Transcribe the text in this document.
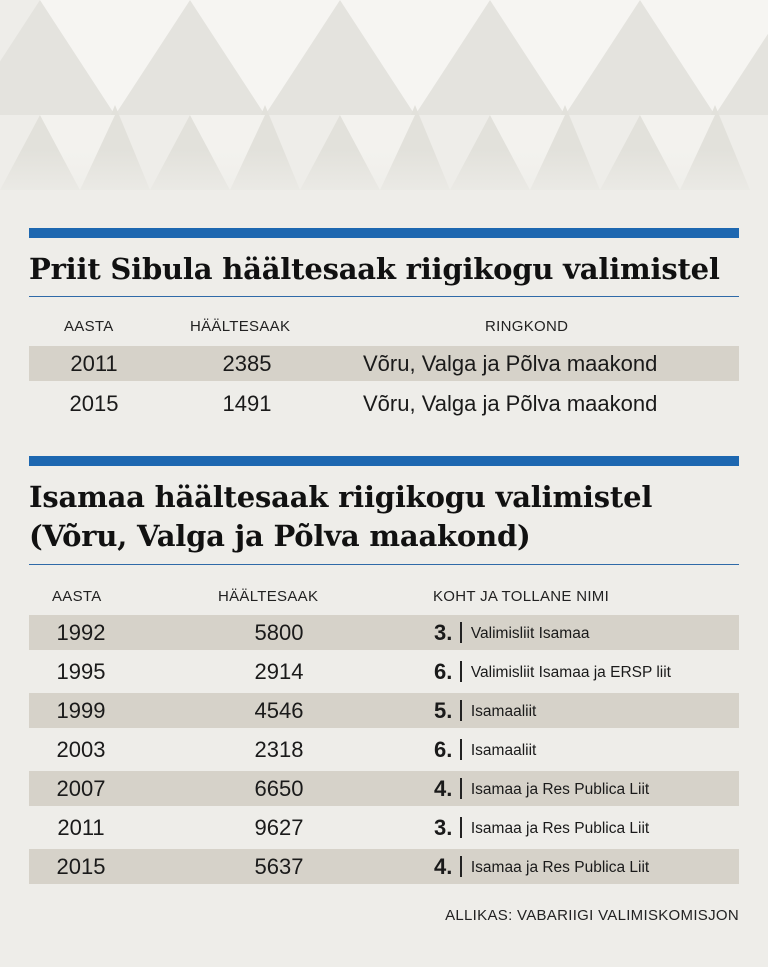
Priit Sibula häältesaak riigikogu valimistel
AASTA	HÄÄLTESAAK	RINGKOND
2011	2385	Võru, Valga ja Põlva maakond
2015	1491	Võru, Valga ja Põlva maakond
Isamaa häältesaak riigikogu valimistel
(Võru, Valga ja Põlva maakond)
AASTA	HÄÄLTESAAK	KOHT JA TOLLANE NIMI
1992	5800	3. Valimisliit Isamaa
1995	2914	6. Valimisliit Isamaa ja ERSP liit
1999	4546	5. Isamaaliit
2003	2318	6. Isamaaliit
2007	6650	4. Isamaa ja Res Publica Liit
2011	9627	3. Isamaa ja Res Publica Liit
2015	5637	4. Isamaa ja Res Publica Liit
ALLIKAS: VABARIIGI VALIMISKOMISJON
